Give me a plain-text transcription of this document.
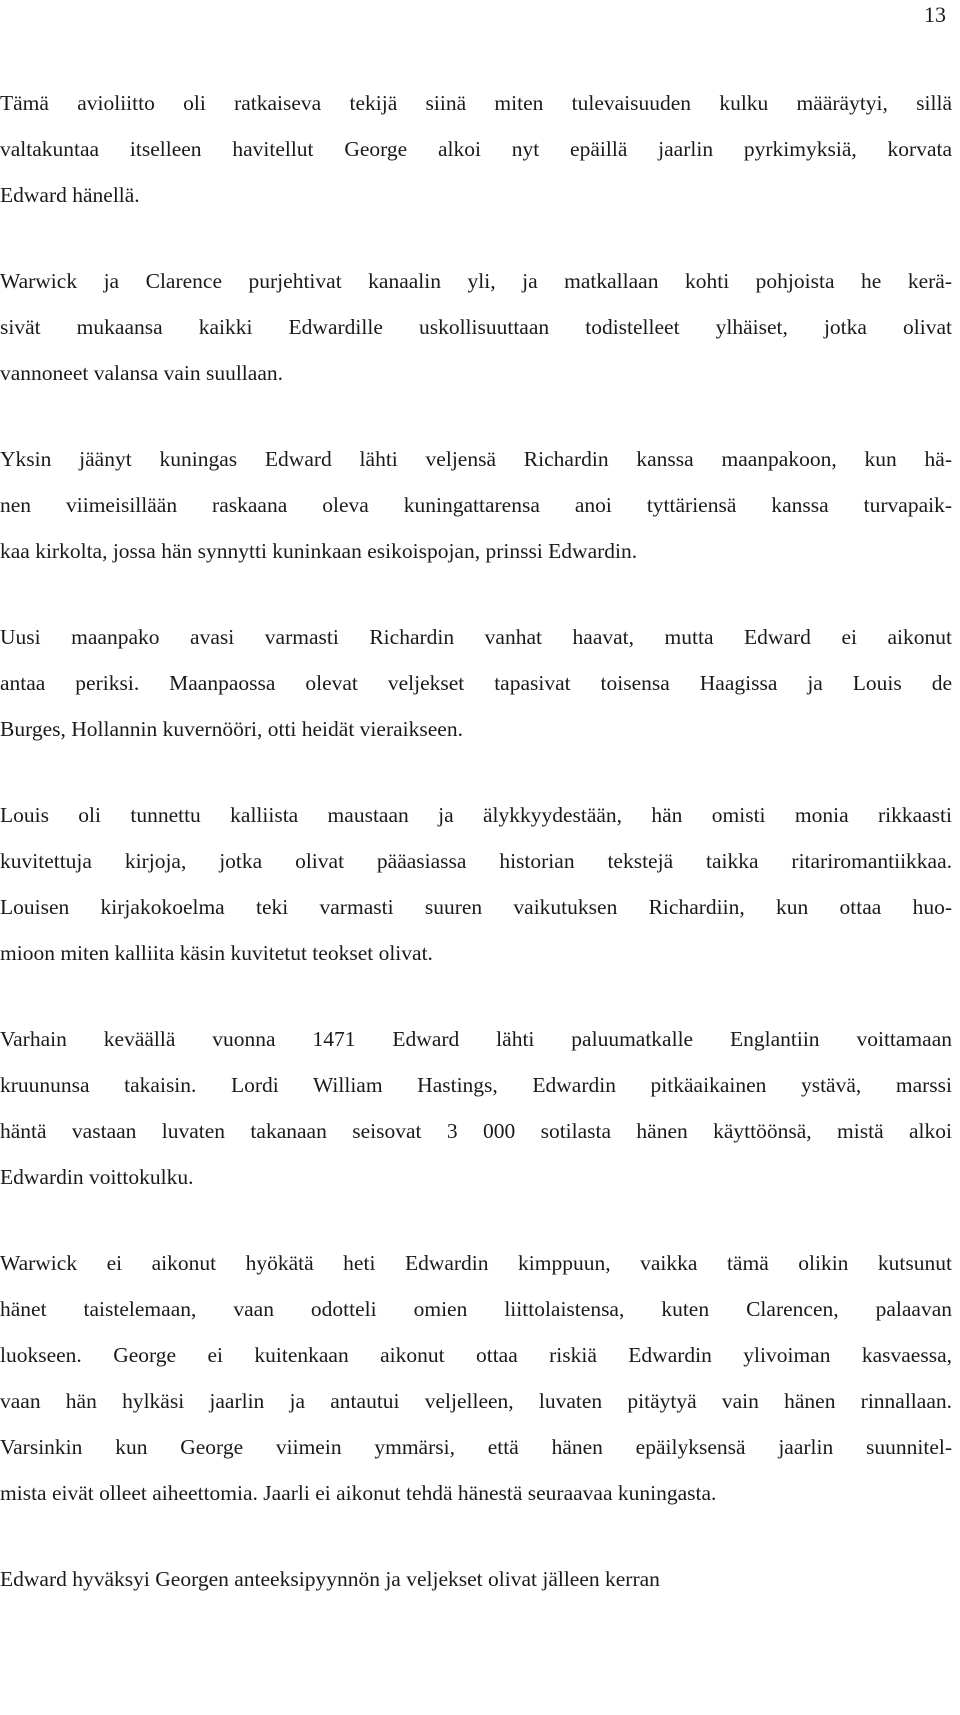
13
Tämä avioliitto oli ratkaiseva tekijä siinä miten tulevaisuuden kulku määräytyi, sillä
valtakuntaa itselleen havitellut George alkoi nyt epäillä jaarlin pyrkimyksiä, korvata
Edward hänellä.
Warwick ja Clarence purjehtivat kanaalin yli, ja matkallaan kohti pohjoista he kerä-
sivät mukaansa kaikki Edwardille uskollisuuttaan todistelleet ylhäiset, jotka olivat
vannoneet valansa vain suullaan.
Yksin jäänyt kuningas Edward lähti veljensä Richardin kanssa maanpakoon, kun hä-
nen viimeisillään raskaana oleva kuningattarensa anoi tyttäriensä kanssa turvapaik-
kaa kirkolta, jossa hän synnytti kuninkaan esikoispojan, prinssi Edwardin.
Uusi maanpako avasi varmasti Richardin vanhat haavat, mutta Edward ei aikonut
antaa periksi. Maanpaossa olevat veljekset tapasivat toisensa Haagissa ja Louis de
Burges, Hollannin kuvernööri, otti heidät vieraikseen.
Louis oli tunnettu kalliista maustaan ja älykkyydestään, hän omisti monia rikkaasti
kuvitettuja kirjoja, jotka olivat pääasiassa historian tekstejä taikka ritariromantiikkaa.
Louisen kirjakokoelma teki varmasti suuren vaikutuksen Richardiin, kun ottaa huo-
mioon miten kalliita käsin kuvitetut teokset olivat.
Varhain keväällä vuonna 1471 Edward lähti paluumatkalle Englantiin voittamaan
kruununsa takaisin. Lordi William Hastings, Edwardin pitkäaikainen ystävä, marssi
häntä vastaan luvaten takanaan seisovat 3 000 sotilasta hänen käyttöönsä, mistä alkoi
Edwardin voittokulku.
Warwick ei aikonut hyökätä heti Edwardin kimppuun, vaikka tämä olikin kutsunut
hänet taistelemaan, vaan odotteli omien liittolaistensa, kuten Clarencen, palaavan
luokseen. George ei kuitenkaan aikonut ottaa riskiä Edwardin ylivoiman kasvaessa,
vaan hän hylkäsi jaarlin ja antautui veljelleen, luvaten pitäytyä vain hänen rinnallaan.
Varsinkin kun George viimein ymmärsi, että hänen epäilyksensä jaarlin suunnitel-
mista eivät olleet aiheettomia. Jaarli ei aikonut tehdä hänestä seuraavaa kuningasta.
Edward hyväksyi Georgen anteeksipyynnön ja veljekset olivat jälleen kerran
